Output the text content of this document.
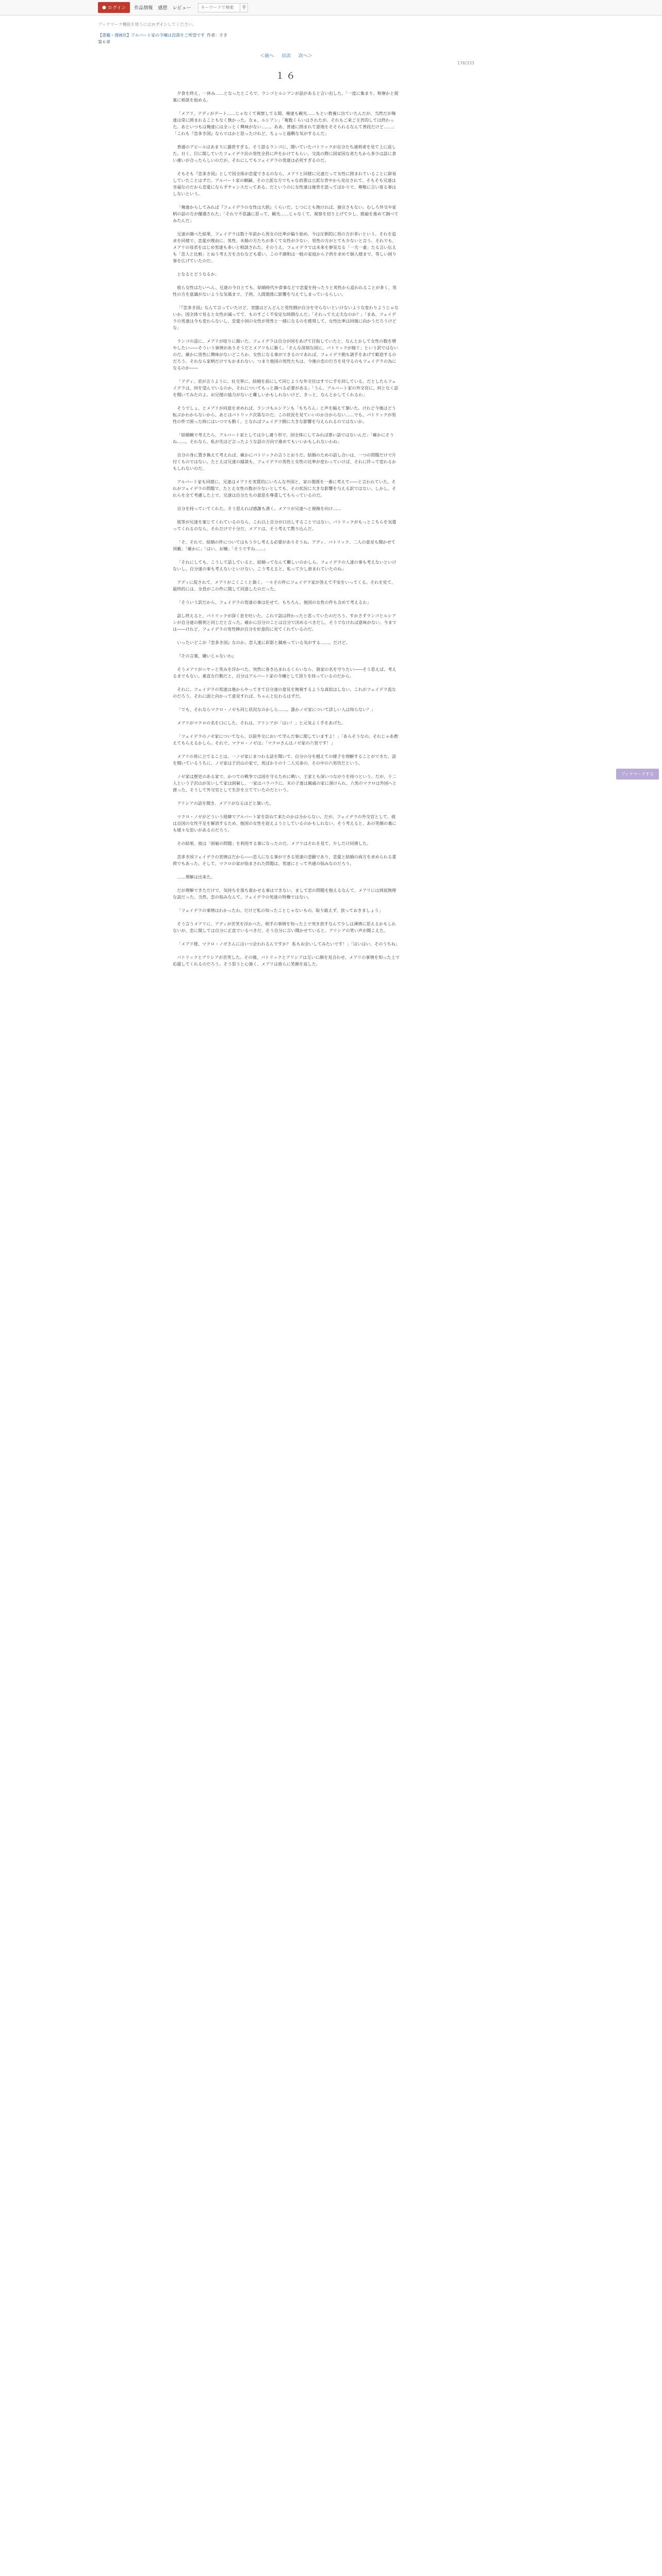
● ログイン 作品情報 感想 レビュー
キーワードで検索	⚲
ブックマーク機能を使うにはログインしてください。
【書籍・漫画化】アルバート家の令嬢は没落をご所望です 作者：さき
第６章
＜前へ 目次 次へ＞
176/333
１６

夕食を終え、一休み……となったところで、ランゴとルシアンが話があると言い出した。「一度に集まり、和寮かと提案に相談を始める。

「メアリ、アディがデート……じゃなくて視察してる間、俺達も観光……もとい教養に出ていたんだが、当然だが俺達は常に囲まれることもなく無かった。なぁ、ルシアン」「複数くらいはされたが、それもご来ご主宮的しては終わった。あといつもは俺達には全っとく興味がない……。ああ、普通に囲まれて意地をそそられるなんて普段だけど……」「これも『恋多き国』ならではかと思ったけれど、ちょっと過剰な気がするんだ」

普通のアピールはあまりに露骨すぎる。そう語るランゴに、聞いていたパトリックが自分たち通利者を見て上に返した。日く、目に関していたフェイデラ民の男性全員に声をかけてもらい、交流の際に国家因な者たちから多少は話に食い違いが合ったらしいのだが、それにしてもフェイデラの男達は必死すぎるのだ。

そもそも『恋多き国』として国全体が恋愛できるのなら、メアリと同様に兄達だって女性に囲まれていることに辟易していたことはずだ。アルバート家の継嗣、その立派な方でちゃな肩書は立派な背中から見出されて、そもそも兄達は幸福なのだから恋愛にならずチャンスだってある。だというのに女性達は後背を語ってばかりで、尊敬に言い寄る事はしないという。

「俺達からしてみれば『フェイデラの女性は大胆』くらいだ。じつにとも無ければ、強引さもない。むしろ外交や家柄の話の方が優遇された」「それで不思議に思って、観光……じゃなくて、視察を切り上げて少し、推敲を進めて調べてみたんだ」

兄達が調べた結果、フェイデラは数十年前から男女の比率が偏り始め、今は圧倒的に男の方が多いという。それを追求を同様で、恋愛が理由に、男性、未婚の方たちが多くて女性が少ない、男性の方がとても少ないと言う。それでも、メアリの母君をはじめ男達も多いと相談された。そのうえ、フェイデラでは未来を夢見なる「一夫一妻」たる言い伝えも「恋人と比較」とぬう考え方を含むなども重い、この不調和は一般の家庭から子供を求めて個人様まで、等しい困り事を広げていたのだ。

となるとどうなるか。

彼ら女性はたいへん、兄達の今日とても、結婚時代や食事などで恋愛を持ったりと男性から追われることが多く、男性の方を意識がないような気風まで、子供、人間関係に影響を与えてしまっているらしい。

「『恋多き国』なんて言っていたけど、実態はどんどんと男性側が自分を守らないといけないような変わりようじゃないか。国全体で見ると女性が減ってて、ものすごく不安定な時期なんだ」「それって大丈夫なのか？」「まあ、フェイデラの男達は今も変わらないし、恋愛小国の女性が男性と一緒になるのを推奨して、女性比率は回復に向かうだろうけどな」

ランゴの話に、メアリが唸りに頷いた。フェイデラは自分が国をあげて目指していたと、なんとかして女性の数を増やしたい――そういう事情がありそうだとメアリもに頷く。「そんな深刻な国に、パトリックが嫁ぐ」という訳ではないのだ。確かに男性に興味がないどころか、女性になる事ができるのであれば、フェイデラ側も諸手をあげて歓迎するのだろう。それなら家柄だけでもかまわない。つまり他国の男性たちは、今後の恋の行方を見守るのもフェイデラの為になるのか――

「アディ、君が言うように、社交界に、結婚を前にして同じような外交官はすでに手を回している。だとしたらフェイデラは、何を望んでいるのか。それについてもっと調べる必要がある」「うん、アルバート家の外交官に、何となく話を聞いてみたのよ。お兄様の協力がないと難しいかもしれないけど、きっと、なんとかしてくれるわ」

そうでしょ、とメアリが同意を求めれば、ランゴもルシアンも「もちろん」と声を揃えて頷いた。けれど今後はどう転ぶかわからないから、あとはパトリック次第なのだ。この状況を見ていいのか分からない……でも、パトリックが男性の件で困った時にはいつでも動く、となればフェイデラ側に大きな影響を与えられるのではないか。

「結婚観で考えたら、アルバート家としては少し違う形で、国全体にしてみれば悪い話ではないんだ」「確かにそうね……。それなら、私が先ほど言ったような話の方向で進めてもいいかもしれないわね」

自分の身に置き換えて考えれば、確かにパトリックの言うとおりだ。結婚のための話し合いは、一つの問題だけで片付くものではない。たとえば兄達の縁談も、フェイデラの男性と女性の比率が変わっていけば、それに伴って変わるかもしれないのだ。

アルバート家も同様に、兄達はメアリを実質的にいろんな外国と、家の関係を一番に考えて――と言われていた。それがフェイデラの問題で、たとえ女性の数が少ないとしても、その状況に大きな影響を与える訳ではない。しかし、それらを全て考慮した上で、兄達は自分たちの意思を尊重してもらっているのだ。

自分を持っていてくれた。そう思えれば感謝も湧く。メアリが兄達へと視線を向け……

彼等が兄達を案じてくれているのなら、これ以上自分が口出しすることではない。パトリックがもっとこちらを気遣ってくれるのなら、それだけで十分だ。メアリは、そう考えて黙り込んだ。

「そ、それで、結婚の件についてはもう少し考える必要がありそうね。アディ、パトリック、二人の意見も聞かせて頂戴」「確かに」「はい、お嬢」「そうですね……」

「それにしても、こうして話していると、結婚ってなんて難しいのかしら。フェイデラの人達の事も考えないといけないし、自分達の事も考えないといけない。こう考えると、私って少し恵まれていたのね」

アディに促されて、メアリがこくこくと頷く。一々その件にフェイデラ家が答えて不安をいってくる。それを見て、最終的には、全員がこの件に関して同意したのだった。

「そういう訳だから、フェイデラの男達の事は任せて。もちろん、他国の女性の件も含めて考えるわ」

話し終えると、パトリックが深く息を吐いた。これで話は終わったと思っていたのだろう。すかさずランゴとルシアンが自分達の勝利と同じだと言った。確かに自分のことは自分で決めるべきだし、そうでなければ意味がない。今までは――けれど、フェイデラの男性陣が自分を好意的に見てくれているのだ。

いったいどこが『恋多き国』なのか。恋人達に彩影と鎮座っている気がする……。だけど。

『その言葉、嫌いじゃないわ』

そうメアリがニヤッと笑みを浮かべた。突然に巻き込まれるくらいなら、資家の名を守りたい――そう思えば、考えるまでもない。素直な行動だと、自分はアルバート家の令嬢として誇りを持っているのだから。

それに、フェイデラの男達は後からやってきて自分達の意見を無視するような真似はしない。これがフェイデラ流なのだろう。それに面と向かって意見すれば、ちゃんと伝わるはずだ。

「でも、それならマクロ・ノゼも同じ状況なのかしら……。誰かノゼ家について詳しい人は知らない？」

メアリがマクロの名を口にした。それは、アリシアが「はい！」と元気よく手をあげた。

「フェイデラのノゼ家についてなら、以前外交において学んだ事に関していますよ！」「あらそうなの。それじゃあ教えてもらえるかしら。それで、マクロ・ノゼは」「マクロさんはノゼ家の六男です！」

メアリの皆に立てることは、一ノゼ家にまつわる話を聞いて、自分の分を越えての様子を理解することができた。話を聞いているうちに、ノゼ家は子沢山の家で、男ばかりの十二人兄弟の、その中の六男坊だという。

ノゼ家は歴史のある家で、かつての戦争では国を守るために戦い、王家とも深いつながりを持つという。だが、十二人という子沢山が災いして家は困窮し、一家はバラバラに。末の子達は親戚の家に預けられ、六男のマクロは外国へと渡った。そうして外交官として生計を立てていたのだという。

アリシアの話を聞き、メアリがなるほどと頷いた。

マクロ・ノゼがどういう経緯でアルバート家を訪ねて来たのかは分からない。だが、フェイデラの外交官として、彼は自国の女性不足を解消するため、他国の女性を迎えようとしているのかもしれない。そう考えると、あの笑顔の裏にも様々な思いがあるのだろう。

その結果、彼は「困窮の問題」を利用する事になったのだ。メアリはそれを見て、少しだけ同情した。

恋多き国フェイデラの実情はだから――恋人になる事ができる男達の悲願であり、恋愛と結婚の両方を求められる重荷でもあった。そして、マクロの家が悩まされた問題は、男達にとって共通の悩みなのだろう。

……理解は出来た。

だが理解できただけで、気持ちを落ち着かせる事はできない。まして恋の問題を抱えるなんて、メアリには到底無理な話だった。当然、恋の悩みなんて、フェイデラの男達の特権ではない。

「フェイデラの事情はわかったわ。だけど私の知ったことじゃないもの。取り敢えず、放っておきましょう」

そう言うメアリに、アディが苦笑を浮かべた。相手の事情を知った上で突き放すなんて少しは薄情に思えるかもしれないが、恋に関しては自分に正直でいるべきだ。そう自分に言い聞かせていると、アリシアの笑い声が聞こえた。

「メアリ様、マクロ・ノゼさんにはいつ会われるんですか？ 私もお会いしてみたいです！」「はいはい、そのうちね」

パトリックとアリシアが苦笑した。その後、パトリックとアリシアは互いに顔を見合わせ、メアリの事情を知った上で応援してくれるのだろう。そう思うと心強く、メアリは彼らに笑顔を返した。

ブックマークする
